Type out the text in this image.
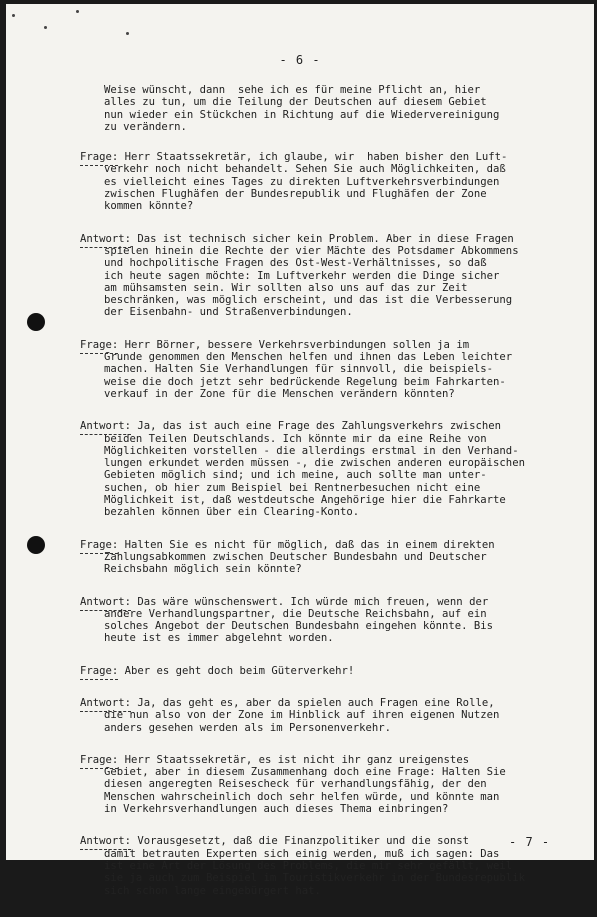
- 6 -
Weise wünscht, dann  sehe ich es für meine Pflicht an, hier
alles zu tun, um die Teilung der Deutschen auf diesem Gebiet
nun wieder ein Stückchen in Richtung auf die Wiedervereinigung
zu verändern.
Frage: Herr Staatssekretär, ich glaube, wir  haben bisher den Luft-
verkehr noch nicht behandelt. Sehen Sie auch Möglichkeiten, daß
es vielleicht eines Tages zu direkten Luftverkehrsverbindungen
zwischen Flughäfen der Bundesrepublik und Flughäfen der Zone
kommen könnte?
Antwort: Das ist technisch sicher kein Problem. Aber in diese Fragen
spielen hinein die Rechte der vier Mächte des Potsdamer Abkommens
und hochpolitische Fragen des Ost-West-Verhältnisses, so daß
ich heute sagen möchte: Im Luftverkehr werden die Dinge sicher
am mühsamsten sein. Wir sollten also uns auf das zur Zeit
beschränken, was möglich erscheint, und das ist die Verbesserung
der Eisenbahn- und Straßenverbindungen.
Frage: Herr Börner, bessere Verkehrsverbindungen sollen ja im
Grunde genommen den Menschen helfen und ihnen das Leben leichter
machen. Halten Sie Verhandlungen für sinnvoll, die beispiels-
weise die doch jetzt sehr bedrückende Regelung beim Fahrkarten-
verkauf in der Zone für die Menschen verändern könnten?
Antwort: Ja, das ist auch eine Frage des Zahlungsverkehrs zwischen
beiden Teilen Deutschlands. Ich könnte mir da eine Reihe von
Möglichkeiten vorstellen - die allerdings erstmal in den Verhand-
lungen erkundet werden müssen -, die zwischen anderen europäischen
Gebieten möglich sind; und ich meine, auch sollte man unter-
suchen, ob hier zum Beispiel bei Rentnerbesuchen nicht eine
Möglichkeit ist, daß westdeutsche Angehörige hier die Fahrkarte
bezahlen können über ein Clearing-Konto.
Frage: Halten Sie es nicht für möglich, daß das in einem direkten
Zahlungsabkommen zwischen Deutscher Bundesbahn und Deutscher
Reichsbahn möglich sein könnte?
Antwort: Das wäre wünschenswert. Ich würde mich freuen, wenn der
andere Verhandlungspartner, die Deutsche Reichsbahn, auf ein
solches Angebot der Deutschen Bundesbahn eingehen könnte. Bis
heute ist es immer abgelehnt worden.
Frage: Aber es geht doch beim Güterverkehr!
Antwort: Ja, das geht es, aber da spielen auch Fragen eine Rolle,
die nun also von der Zone im Hinblick auf ihren eigenen Nutzen
anders gesehen werden als im Personenverkehr.
Frage: Herr Staatssekretär, es ist nicht ihr ganz ureigenstes
Gebiet, aber in diesem Zusammenhang doch eine Frage: Halten Sie
diesen angeregten Reisescheck für verhandlungsfähig, der den
Menschen wahrscheinlich doch sehr helfen würde, und könnte man
in Verkehrsverhandlungen auch dieses Thema einbringen?
Antwort: Vorausgesetzt, daß die Finanzpolitiker und die sonst
damit betrauten Experten sich einig werden, muß ich sagen: Das
ist eine Art der Lösung des Problems, die mir sehr gefällt, weil
sie ja auch zum Beispiel im Touristikverkehr in der Bundesrepublik
sich schon lange eingebürgert hat.
- 7 -
